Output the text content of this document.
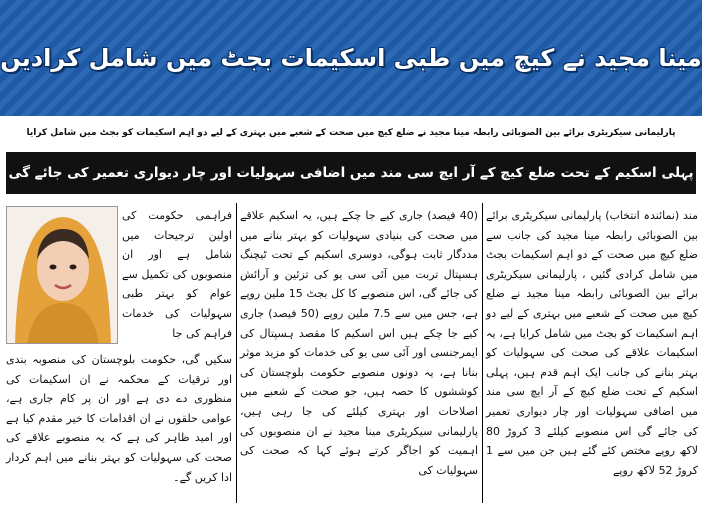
مینا مجید نے کیچ میں طبی اسکیمات بجٹ میں شامل کرادیں
پارلیمانی سیکریٹری برائے بین الصوبائی رابطہ مینا مجید نے ضلع کیچ میں صحت کے شعبے میں بہتری کے لیے دو اہم اسکیمات کو بجٹ میں شامل کرایا
پہلی اسکیم کے تحت ضلع کیچ کے آر ایچ سی مند میں اضافی سہولیات اور چار دیواری تعمیر کی جائے گی

مند (نمائندہ انتخاب) پارلیمانی سیکریٹری برائے بین الصوبائی رابطہ مینا مجید کی جانب سے ضلع کیچ میں صحت کے دو اہم اسکیمات بجٹ میں شامل کرادی گئیں ، پارلیمانی سیکریٹری برائے بین الصوبائی رابطہ مینا مجید نے ضلع کیچ میں صحت کے شعبے میں بہتری کے لیے دو اہم اسکیمات کو بجٹ میں شامل کرایا ہے، یہ اسکیمات علاقے کی صحت کی سہولیات کو بہتر بنانے کی جانب ایک اہم قدم ہیں، پہلی اسکیم کے تحت ضلع کیچ کے آر ایچ سی مند میں اضافی سہولیات اور چار دیواری تعمیر کی جائے گی اس منصوبے کیلئے 3 کروڑ 80 لاکھ روپے مختص کئے گئے ہیں جن میں سے 1 کروڑ 52 لاکھ روپے

(40 فیصد) جاری کیے جا چکے ہیں، یہ اسکیم علاقے میں صحت کی بنیادی سہولیات کو بہتر بنانے میں مددگار ثابت ہوگی، دوسری اسکیم کے تحت ٹیچنگ ہسپتال تربت میں آئی سی یو کی تزئین و آرائش کی جائے گی، اس منصوبے کا کل بجٹ 15 ملین روپے ہے، جس میں سے 7.5 ملین روپے (50 فیصد) جاری کیے جا چکے ہیں اس اسکیم کا مقصد ہسپتال کی ایمرجنسی اور آئی سی یو کی خدمات کو مزید موثر بنانا ہے، یہ دونوں منصوبے حکومت بلوچستان کی کوششوں کا حصہ ہیں، جو صحت کے شعبے میں اصلاحات اور بہتری کیلئے کی جا رہی ہیں، پارلیمانی سیکریٹری مینا مجید نے ان منصوبوں کی اہمیت کو اجاگر کرتے ہوئے کہا کہ صحت کی سہولیات کی

فراہمی حکومت کی اولین ترجیحات میں شامل ہے اور ان منصوبوں کی تکمیل سے عوام کو بہتر طبی سہولیات کی خدمات فراہم کی جا

سکیں گی، حکومت بلوچستان کی منصوبہ بندی اور ترقیات کے محکمہ نے ان اسکیمات کی منظوری دے دی ہے اور ان پر کام جاری ہے، عوامی حلقوں نے ان اقدامات کا خیر مقدم کیا ہے اور امید ظاہر کی ہے کہ یہ منصوبے علاقے کی صحت کی سہولیات کو بہتر بنانے میں اہم کردار ادا کریں گے۔
